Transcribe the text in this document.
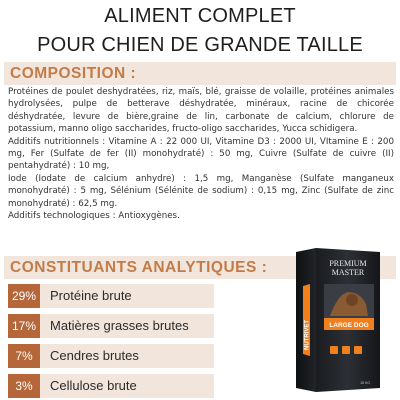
ALIMENT COMPLET
POUR CHIEN DE GRANDE TAILLE
COMPOSITION :

Protéines de poulet deshydratées, riz, maïs, blé, graisse de volaille, protéines animales hydrolysées, pulpe de betterave déshydratée, minéraux, racine de chicorée déshydratée, levure de bière,graine de lin, carbonate de calcium, chlorure de potassium, manno oligo saccharides, fructo-oligo saccharides, Yucca schidigera.

Additifs nutritionnels : Vitamine A : 22 000 UI, Vitamine D3 : 2000 UI, VItamine E : 200 mg, Fer (Sulfate de fer (II) monohydraté) : 50 mg, Cuivre (Sulfate de cuivre (II) pentahydraté) : 10 mg,

Iode (Iodate de calcium anhydre) : 1,5 mg, Manganèse (Sulfate manganeux monohydraté) : 5 mg, Sélénium (Sélénite de sodium) : 0,15 mg, Zinc (Sulfate de zinc monohydraté) : 62,5 mg.

Additifs technologiques : Antioxygènes.

CONSTITUANTS ANALYTIQUES :
29%	Protéine brute
17%	Matières grasses brutes
7%	Cendres brutes
3%	Cellulose brute
NUTRIVET
PREMIUM
MASTER
LARGE DOG
15 KG
